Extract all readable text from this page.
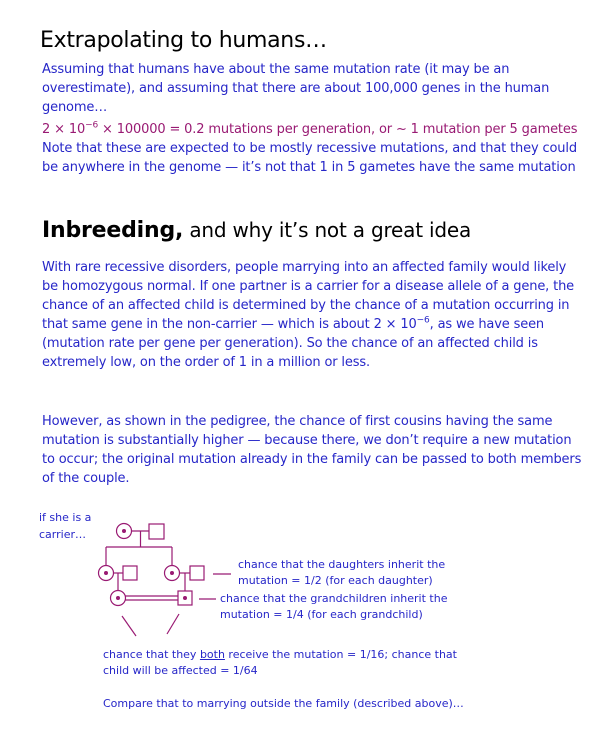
Extrapolating to humans…
Assuming that humans have about the same mutation rate (it may be an overestimate), and assuming that there are about 100,000 genes in the human genome…
$2 \times 10^{-6} \times 100000 = 0.2$ mutations per generation, or ~ 1 mutation per 5 gametes
Note that these are expected to be mostly recessive mutations, and that they could be anywhere in the genome — it’s not that 1 in 5 gametes have the same mutation
Inbreeding, and why it’s not a great idea
With rare recessive disorders, people marrying into an affected family would likely be homozygous normal. If one partner is a carrier for a disease allele of a gene, the chance of an affected child is determined by the chance of a mutation occurring in that same gene in the non-carrier — which is about $2 \times 10^{-6}$, as we have seen (mutation rate per gene per generation). So the chance of an affected child is extremely low, on the order of 1 in a million or less.
However, as shown in the pedigree, the chance of first cousins having the same mutation is substantially higher — because there, we don’t require a new mutation to occur; the original mutation already in the family can be passed to both members of the couple.
if she is a
carrier…
chance that the daughters inherit the
mutation = 1/2 (for each daughter)
chance that the grandchildren inherit the
mutation = 1/4 (for each grandchild)
chance that they both receive the mutation = 1/16; chance that
child will be affected = 1/64
Compare that to marrying outside the family (described above)…
